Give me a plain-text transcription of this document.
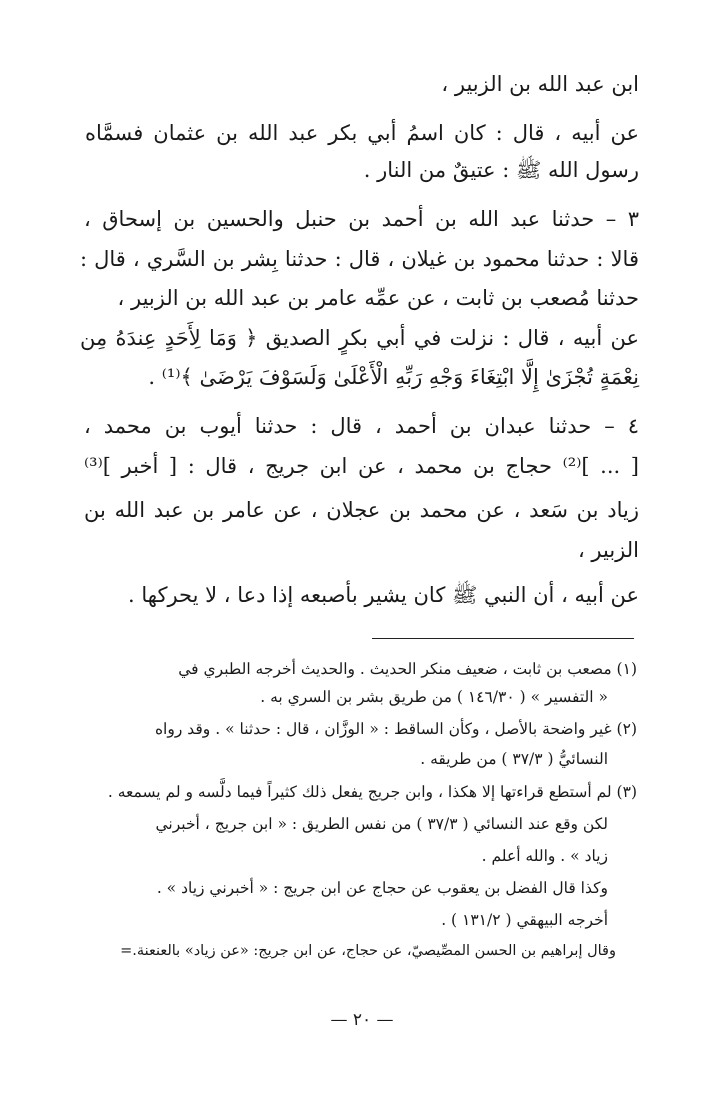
ابن عبد الله بن الزبير ،
عن أبيه ، قال : كان اسمُ أبي بكر عبد الله بن عثمان فسمَّاه
رسول الله ﷺ : عتيقٌ من النار .
٣ – حدثنا عبد الله بن أحمد بن حنبل والحسين بن إسحاق ،
قالا : حدثنا محمود بن غيلان ، قال : حدثنا بِشر بن السَّري ، قال :
حدثنا مُصعب بن ثابت ، عن عمِّه عامر بن عبد الله بن الزبير ،
عن أبيه ، قال : نزلت في أبي بكرٍ الصديق ﴿ وَمَا لِأَحَدٍ عِندَهُ مِن
نِعْمَةٍ تُجْزَىٰ إِلَّا ابْتِغَاءَ وَجْهِ رَبِّهِ الْأَعْلَىٰ وَلَسَوْفَ يَرْضَىٰ ﴾⁽¹⁾ .
٤ – حدثنا عبدان بن أحمد ، قال : حدثنا أيوب بن محمد ،
[ ... ]⁽²⁾ حجاج بن محمد ، عن ابن جريج ، قال : [ أخبر ]⁽³⁾
زياد بن سَعد ، عن محمد بن عجلان ، عن عامر بن عبد الله بن
الزبير ،
عن أبيه ، أن النبي ﷺ كان يشير بأصبعه إذا دعا ، لا يحركها .
(١) مصعب بن ثابت ، ضعيف منكر الحديث . والحديث أخرجه الطبري في
« التفسير » ( ١٤٦/٣٠ ) من طريق بشر بن السري به .
(٢) غير واضحة بالأصل ، وكأن الساقط : « الوزَّان ، قال : حدثنا » . وقد رواه
النسائيُّ ( ٣٧/٣ ) من طريقه .
(٣) لم أستطع قراءتها إلا هكذا ، وابن جريج يفعل ذلك كثيراً فيما دلَّسه و لم يسمعه .
لكن وقع عند النسائي ( ٣٧/٣ ) من نفس الطريق : « ابن جريج ، أخبرني
زياد » . والله أعلم .
وكذا قال الفضل بن يعقوب عن حجاج عن ابن جريج : « أخبرني زياد » .
أخرجه البيهقي ( ١٣١/٢ ) .
وقال إبراهيم بن الحسن المصِّيصيّ، عن حجاج، عن ابن جريج: «عن زياد» بالعنعنة.=
— ٢٠ —
